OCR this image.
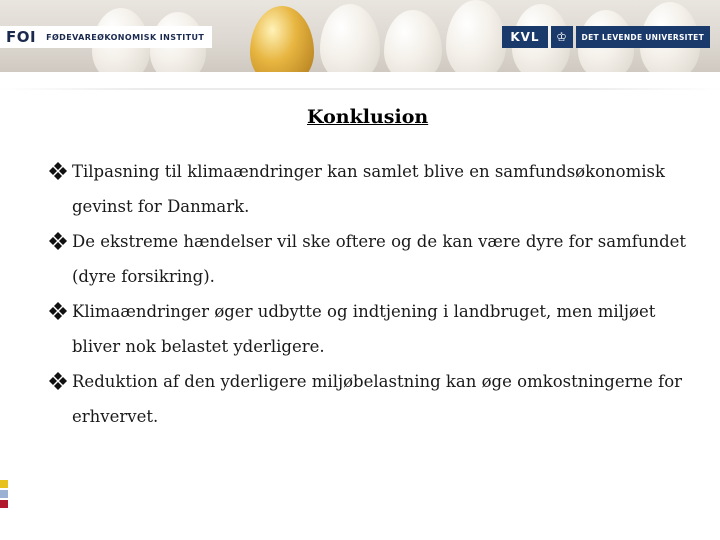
FOI FØDEVAREØKONOMISK INSTITUT	KVL	♔	DET LEVENDE UNIVERSITET
Konklusion
Tilpasning til klimaændringer kan samlet blive en samfundsøkonomisk gevinst for Danmark.
De ekstreme hændelser vil ske oftere og de kan være dyre for samfundet (dyre forsikring).
Klimaændringer øger udbytte og indtjening i landbruget, men miljøet bliver nok belastet yderligere.
Reduktion af den yderligere miljøbelastning kan øge omkostningerne for erhvervet.
